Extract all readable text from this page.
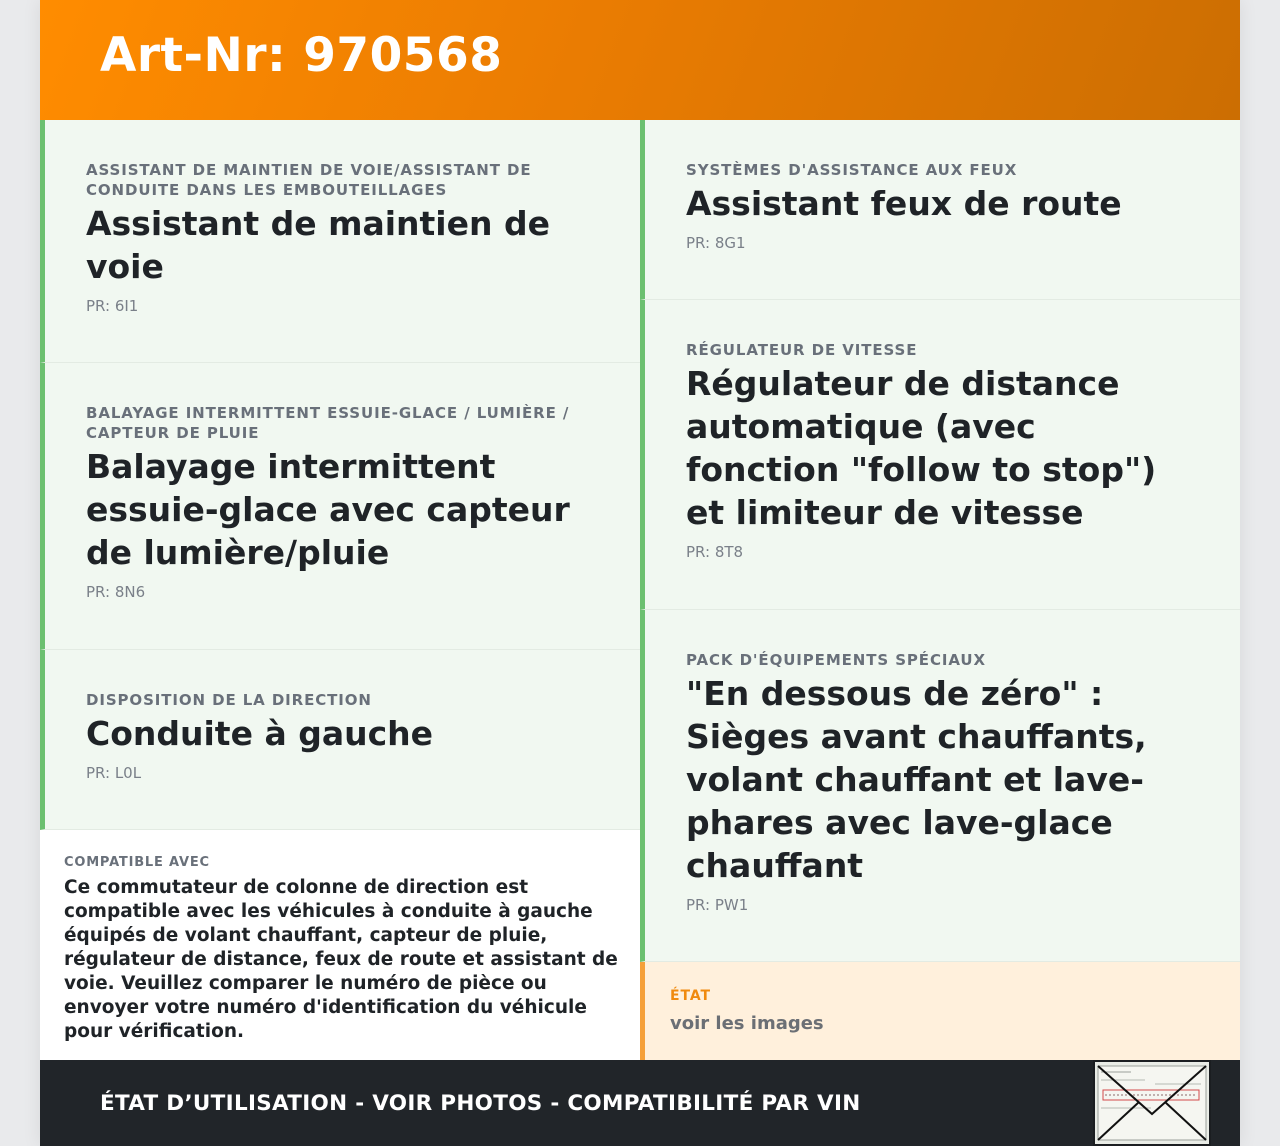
Art-Nr: 970568
ASSISTANT DE MAINTIEN DE VOIE/ASSISTANT DE CONDUITE DANS LES EMBOUTEILLAGES
Assistant de maintien de voie
PR: 6I1
BALAYAGE INTERMITTENT ESSUIE-GLACE / LUMIÈRE / CAPTEUR DE PLUIE
Balayage intermittent essuie-glace avec capteur de lumière/pluie
PR: 8N6
DISPOSITION DE LA DIRECTION
Conduite à gauche
PR: L0L
COMPATIBLE AVEC
Ce commutateur de colonne de direction est compatible avec les véhicules à conduite à gauche équipés de volant chauffant, capteur de pluie, régulateur de distance, feux de route et assistant de voie. Veuillez comparer le numéro de pièce ou envoyer votre numéro d'identification du véhicule pour vérification.
SYSTÈMES D'ASSISTANCE AUX FEUX
Assistant feux de route
PR: 8G1
RÉGULATEUR DE VITESSE
Régulateur de distance automatique (avec fonction "follow to stop") et limiteur de vitesse
PR: 8T8
PACK D'ÉQUIPEMENTS SPÉCIAUX
"En dessous de zéro" : Sièges avant chauffants, volant chauffant et lave-phares avec lave-glace chauffant
PR: PW1
ÉTAT
voir les images
ÉTAT D’UTILISATION - VOIR PHOTOS - COMPATIBILITÉ PAR VIN
